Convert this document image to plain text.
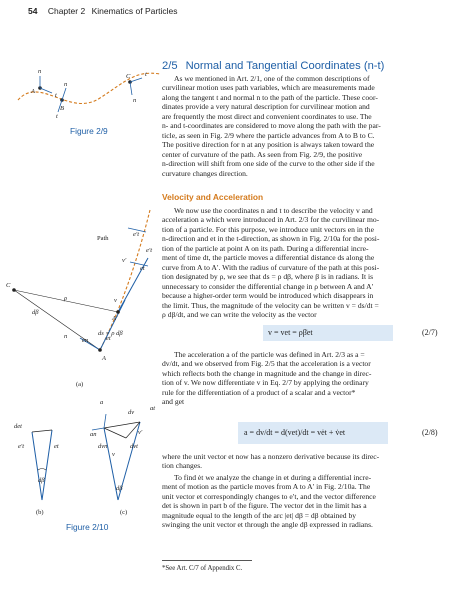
54 Chapter 2 Kinematics of Particles
2/5 Normal and Tangential Coordinates (n-t)
As we mentioned in Art. 2/1, one of the common descriptions of
curvilinear motion uses path variables, which are measurements made
along the tangent t and normal n to the path of the particle. These coor-
dinates provide a very natural description for curvilinear motion and
are frequently the most direct and convenient coordinates to use. The
n- and t-coordinates are considered to move along the path with the par-
ticle, as seen in Fig. 2/9 where the particle advances from A to B to C.
The positive direction for n at any position is always taken toward the
center of curvature of the path. As seen from Fig. 2/9, the positive
n-direction will shift from one side of the curve to the other side if the
curvature changes direction.
Velocity and Acceleration
We now use the coordinates n and t to describe the velocity v and
acceleration a which were introduced in Art. 2/3 for the curvilinear mo-
tion of a particle. For this purpose, we introduce unit vectors en in the
n-direction and et in the t-direction, as shown in Fig. 2/10a for the posi-
tion of the particle at point A on its path. During a differential incre-
ment of time dt, the particle moves a differential distance ds along the
curve from A to A′. With the radius of curvature of the path at this posi-
tion designated by ρ, we see that ds = ρ dβ, where β is in radians. It is
unnecessary to consider the differential change in ρ between A and A′
because a higher-order term would be introduced which disappears in
the limit. Thus, the magnitude of the velocity can be written v = ds/dt =
ρ dβ/dt, and we can write the velocity as the vector
v = vet = ρβ̇et	(2/7)
The acceleration a of the particle was defined in Art. 2/3 as a =
dv/dt, and we observed from Fig. 2/5 that the acceleration is a vector
which reflects both the change in magnitude and the change in direc-
tion of v. We now differentiate v in Eq. 2/7 by applying the ordinary
rule for the differentiation of a product of a scalar and a vector*
and get
a = dv/dt = d(vet)/dt = vėt + v̇et	(2/8)
where the unit vector et now has a nonzero derivative because its direc-
tion changes.
To find ėt we analyze the change in et during a differential incre-
ment of motion as the particle moves from A to A′ in Fig. 2/10a. The
unit vector et correspondingly changes to e′t, and the vector difference
det is shown in part b of the figure. The vector det in the limit has a
magnitude equal to the length of the arc |et| dβ = dβ obtained by
swinging the unit vector et through the angle dβ expressed in radians.
*See Art. C/7 of Appendix C.
Figure 2/9
Figure 2/10
n
t
A
n
t
B
C
n
t
Path
e′t
v′
et
e′t
C
ρ
dβ
A′
en	et
ds = ρ dβ
A
n
v
(a)
det
e′t	et
dβ
(b)
a
dv
v′
dvn
an
v
dvt
dβ
at
(c)
